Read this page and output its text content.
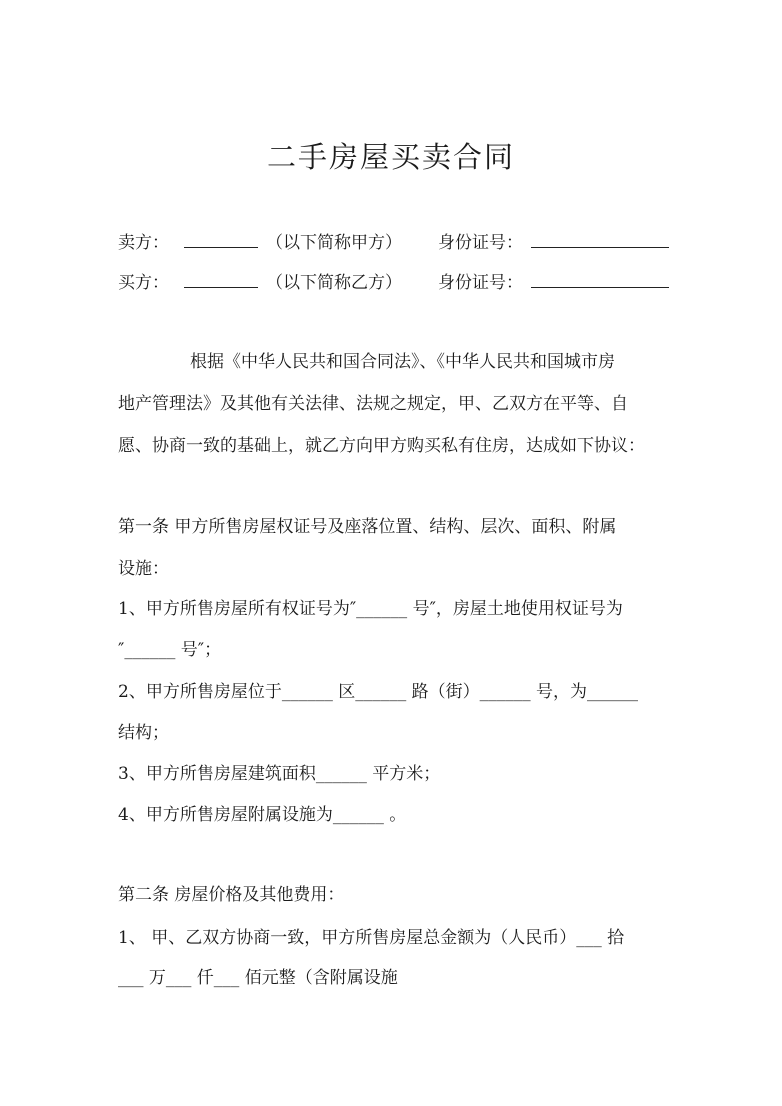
二手房屋买卖合同
卖方：	（以下简称甲方） 身份证号：
买方：	（以下简称乙方） 身份证号：
根据《中华人民共和国合同法》、《中华人民共和国城市房
地产管理法》及其他有关法律、法规之规定，甲、乙双方在平等、自
愿、协商一致的基础上，就乙方向甲方购买私有住房，达成如下协议：
第一条 甲方所售房屋权证号及座落位置、结构、层次、面积、附属
设施：
1、甲方所售房屋所有权证号为″______ 号″，房屋土地使用权证号为
″______ 号″；
2、甲方所售房屋位于______ 区______ 路（街）______ 号，为______
结构；
3、甲方所售房屋建筑面积______ 平方米；
4、甲方所售房屋附属设施为______ 。
第二条 房屋价格及其他费用：
1、 甲、乙双方协商一致，甲方所售房屋总金额为（人民币）___ 拾
___ 万___ 仟___ 佰元整（含附属设施
